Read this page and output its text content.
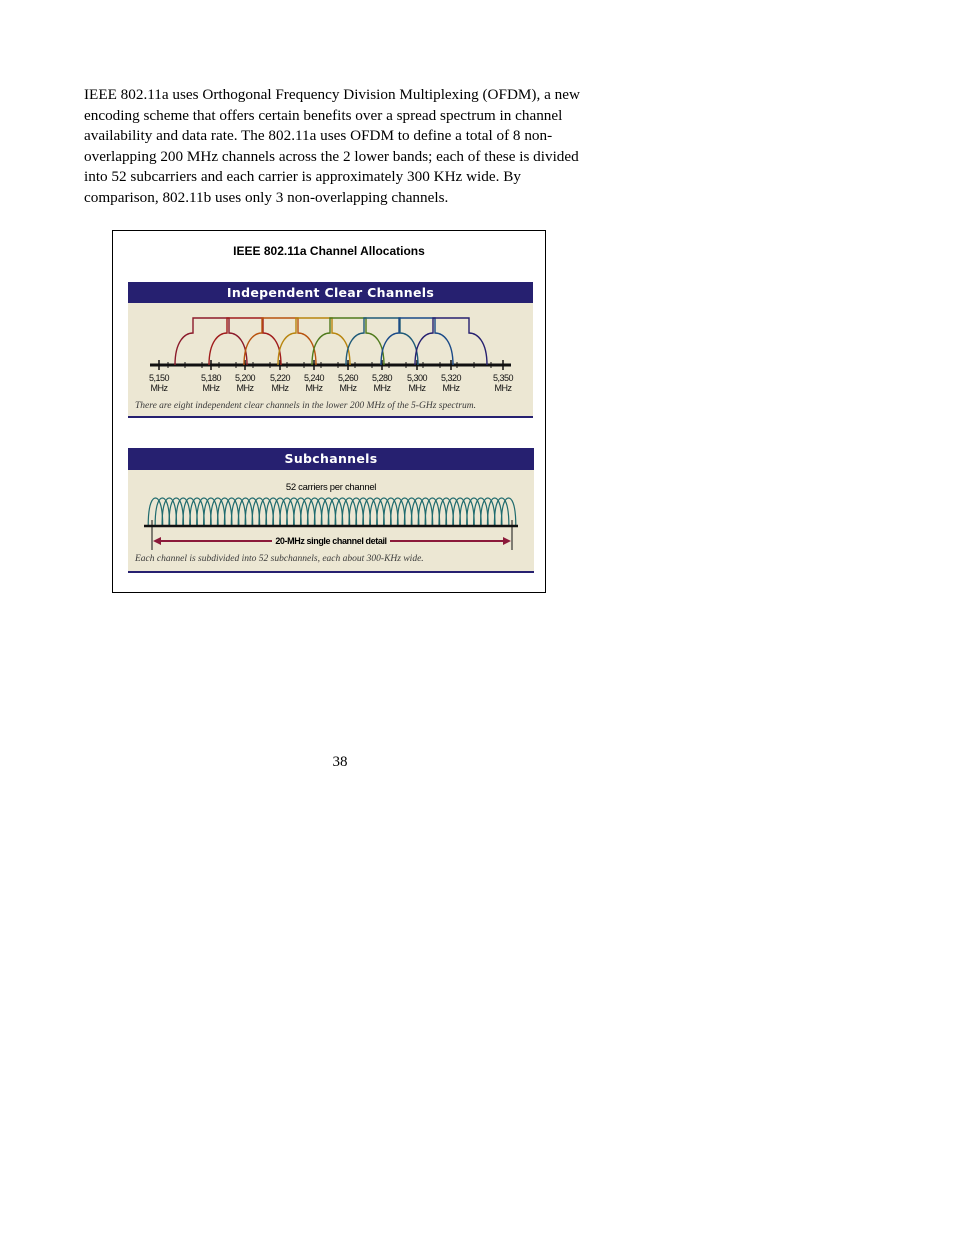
IEEE 802.11a uses Orthogonal Frequency Division Multiplexing (OFDM), a new encoding scheme that offers certain benefits over a spread spectrum in channel availability and data rate. The 802.11a uses OFDM to define a total of 8 non-overlapping 200 MHz channels across the 2 lower bands; each of these is divided into 52 subcarriers and each carrier is approximately 300 KHz wide. By comparison, 802.11b uses only 3 non-overlapping channels.

IEEE 802.11a Channel Allocations
Independent Clear Channels
5,150
MHz
5,180
MHz
5,200
MHz
5,220
MHz
5,240
MHz
5,260
MHz
5,280
MHz
5,300
MHz
5,320
MHz
5,350
MHz
There are eight independent clear channels in the lower 200 MHz of the 5-GHz spectrum.
Subchannels
52 carriers per channel
20-MHz single channel detail
Each channel is subdivided into 52 subchannels, each about 300-KHz wide.
38
